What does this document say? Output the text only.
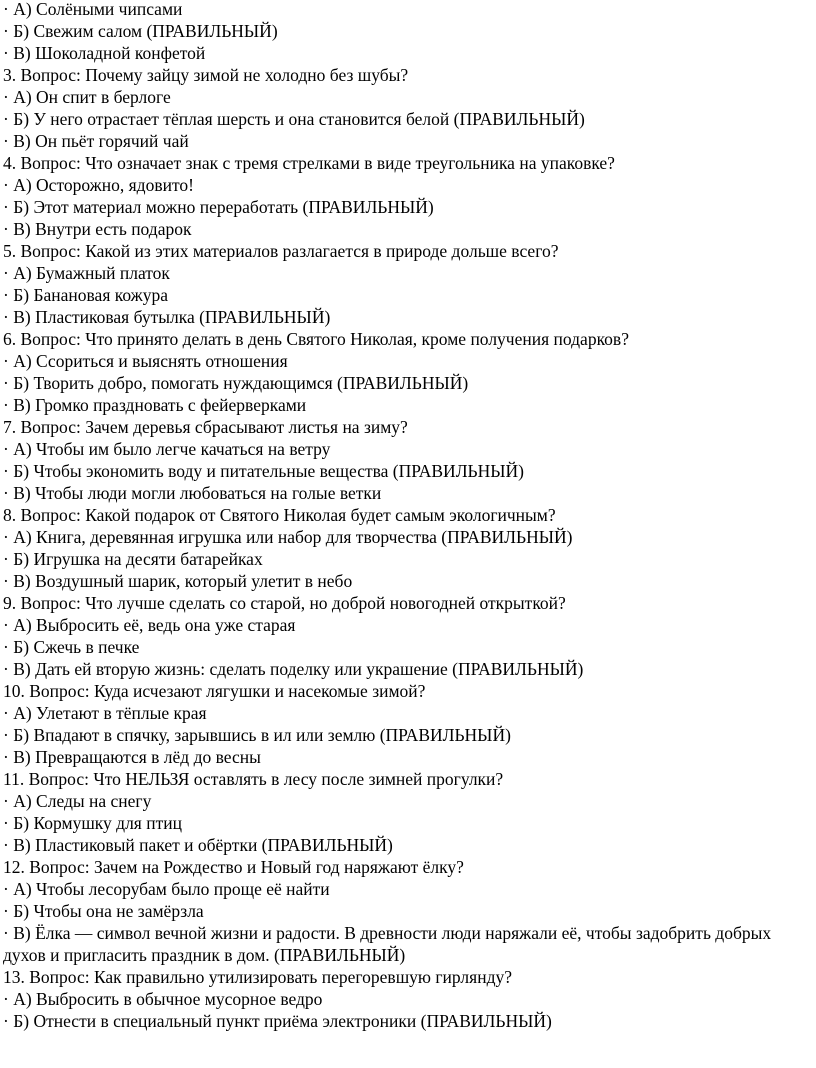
· А) Солёными чипсами
· Б) Свежим салом (ПРАВИЛЬНЫЙ)
· В) Шоколадной конфетой
3. Вопрос: Почему зайцу зимой не холодно без шубы?
· А) Он спит в берлоге
· Б) У него отрастает тёплая шерсть и она становится белой (ПРАВИЛЬНЫЙ)
· В) Он пьёт горячий чай
4. Вопрос: Что означает знак с тремя стрелками в виде треугольника на упаковке?
· А) Осторожно, ядовито!
· Б) Этот материал можно переработать (ПРАВИЛЬНЫЙ)
· В) Внутри есть подарок
5. Вопрос: Какой из этих материалов разлагается в природе дольше всего?
· А) Бумажный платок
· Б) Банановая кожура
· В) Пластиковая бутылка (ПРАВИЛЬНЫЙ)
6. Вопрос: Что принято делать в день Святого Николая, кроме получения подарков?
· А) Ссориться и выяснять отношения
· Б) Творить добро, помогать нуждающимся (ПРАВИЛЬНЫЙ)
· В) Громко праздновать с фейерверками
7. Вопрос: Зачем деревья сбрасывают листья на зиму?
· А) Чтобы им было легче качаться на ветру
· Б) Чтобы экономить воду и питательные вещества (ПРАВИЛЬНЫЙ)
· В) Чтобы люди могли любоваться на голые ветки
8. Вопрос: Какой подарок от Святого Николая будет самым экологичным?
· А) Книга, деревянная игрушка или набор для творчества (ПРАВИЛЬНЫЙ)
· Б) Игрушка на десяти батарейках
· В) Воздушный шарик, который улетит в небо
9. Вопрос: Что лучше сделать со старой, но доброй новогодней открыткой?
· А) Выбросить её, ведь она уже старая
· Б) Сжечь в печке
· В) Дать ей вторую жизнь: сделать поделку или украшение (ПРАВИЛЬНЫЙ)
10. Вопрос: Куда исчезают лягушки и насекомые зимой?
· А) Улетают в тёплые края
· Б) Впадают в спячку, зарывшись в ил или землю (ПРАВИЛЬНЫЙ)
· В) Превращаются в лёд до весны
11. Вопрос: Что НЕЛЬЗЯ оставлять в лесу после зимней прогулки?
· А) Следы на снегу
· Б) Кормушку для птиц
· В) Пластиковый пакет и обёртки (ПРАВИЛЬНЫЙ)
12. Вопрос: Зачем на Рождество и Новый год наряжают ёлку?
· А) Чтобы лесорубам было проще её найти
· Б) Чтобы она не замёрзла
· В) Ёлка — символ вечной жизни и радости. В древности люди наряжали её, чтобы задобрить добрых духов и пригласить праздник в дом. (ПРАВИЛЬНЫЙ)
13. Вопрос: Как правильно утилизировать перегоревшую гирлянду?
· А) Выбросить в обычное мусорное ведро
· Б) Отнести в специальный пункт приёма электроники (ПРАВИЛЬНЫЙ)
